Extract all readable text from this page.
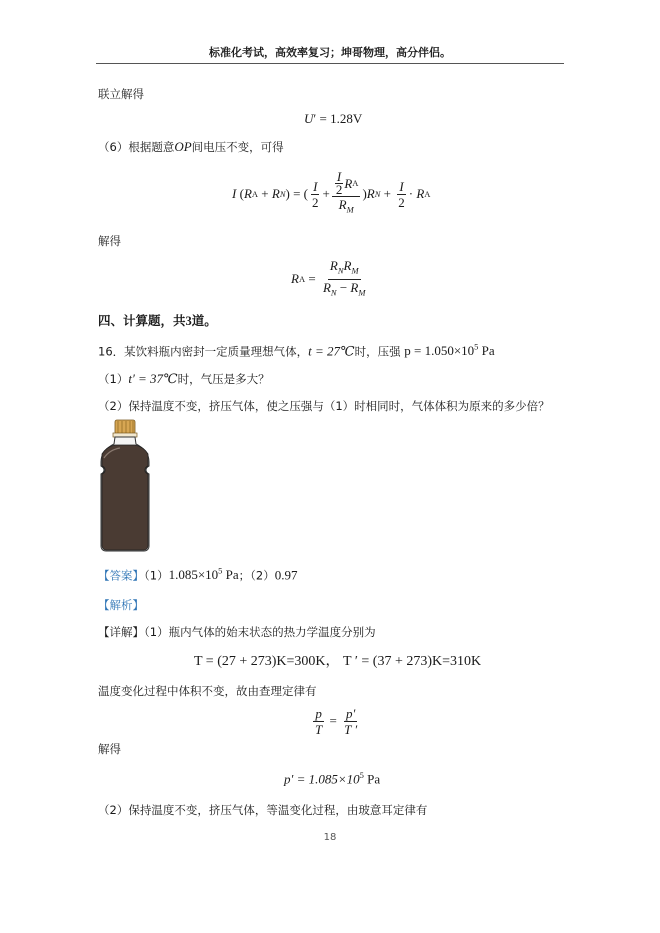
标准化考试，高效率复习；坤哥物理，高分伴侣。
联立解得
U′ = 1.28V
（6）根据题意OP间电压不变，可得
I ( R A + R N ) = ( $\frac{I}{2} + \frac{\frac{I}{2} R A}{R_M}$ ) R $N + \frac{I}{2} \cdot R$ A
解得
R $A = \frac{R_NR_M}{R_N - R_M}$
四、计算题，共3道。
16．某饮料瓶内密封一定质量理想气体，t = 27℃时，压强 $p = 1.050\times 10^5$ Pa
（1）t′ = 37℃时，气压是多大？
（2）保持温度不变，挤压气体，使之压强与（1）时相同时，气体体积为原来的多少倍？
【答案】$(1)1.085\times 10^5$ Pa；（2）0.97
【解析】
【详解】（1）瓶内气体的始末状态的热力学温度分别为
T = (27 + 273)K=300K， T ′ = (37 + 273)K=310K
温度变化过程中体积不变，故由查理定律有
$\frac{p}{T} = \frac{p'}{T '}$
解得
$p' = 1.085\times 10^5$ Pa
（2）保持温度不变，挤压气体，等温变化过程，由玻意耳定律有
18
